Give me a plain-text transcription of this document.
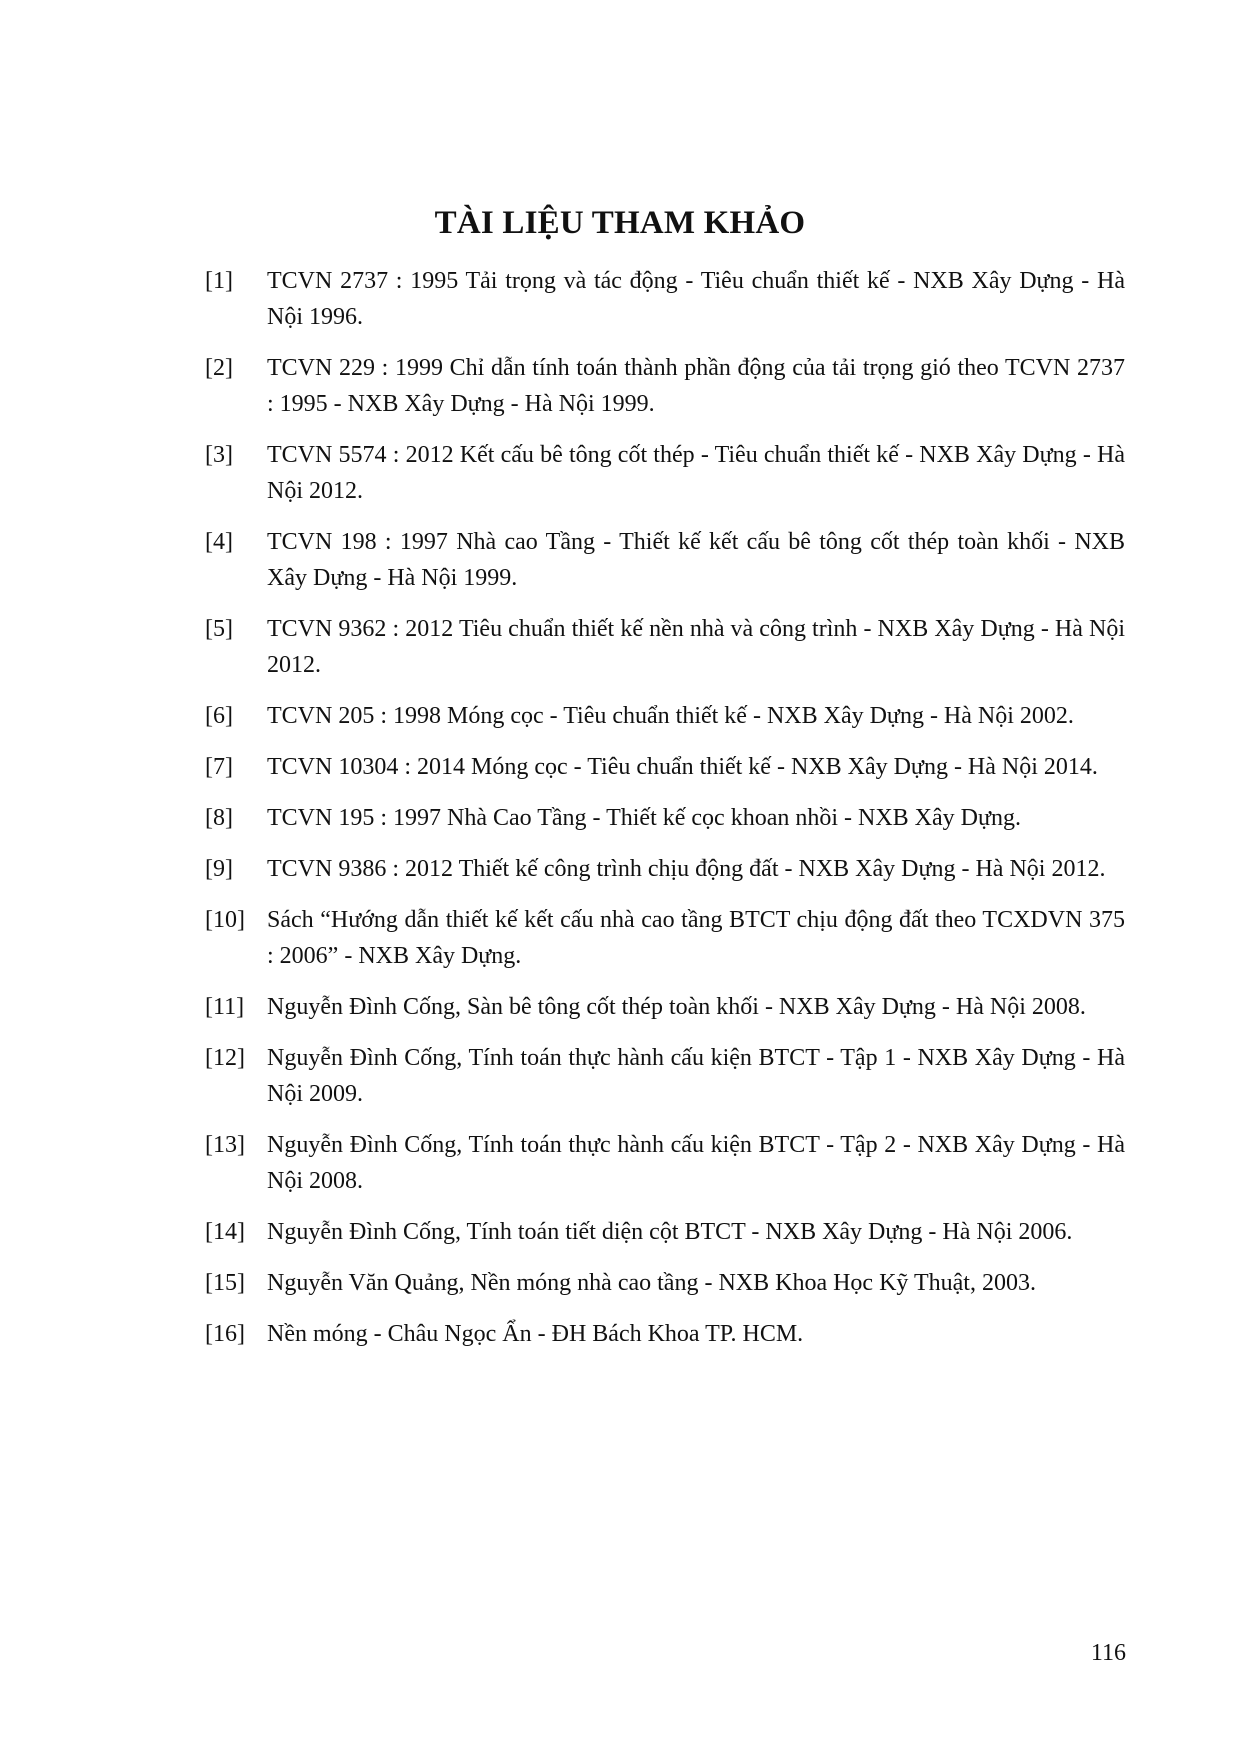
TÀI LIỆU THAM KHẢO
[1]	TCVN 2737 : 1995 Tải trọng và tác động - Tiêu chuẩn thiết kế - NXB Xây Dựng - Hà Nội 1996.
[2]	TCVN 229 : 1999 Chỉ dẫn tính toán thành phần động của tải trọng gió theo TCVN 2737 : 1995 - NXB Xây Dựng - Hà Nội 1999.
[3]	TCVN 5574 : 2012 Kết cấu bê tông cốt thép - Tiêu chuẩn thiết kế - NXB Xây Dựng - Hà Nội 2012.
[4]	TCVN 198 : 1997 Nhà cao Tầng - Thiết kế kết cấu bê tông cốt thép toàn khối - NXB Xây Dựng - Hà Nội 1999.
[5]	TCVN 9362 : 2012 Tiêu chuẩn thiết kế nền nhà và công trình - NXB Xây Dựng - Hà Nội 2012.
[6]	TCVN 205 : 1998 Móng cọc - Tiêu chuẩn thiết kế - NXB Xây Dựng - Hà Nội 2002.
[7]	TCVN 10304 : 2014 Móng cọc - Tiêu chuẩn thiết kế - NXB Xây Dựng - Hà Nội 2014.
[8]	TCVN 195 : 1997 Nhà Cao Tầng - Thiết kế cọc khoan nhồi - NXB Xây Dựng.
[9]	TCVN 9386 : 2012 Thiết kế công trình chịu động đất - NXB Xây Dựng - Hà Nội 2012.
[10] Sách “Hướng dẫn thiết kế kết cấu nhà cao tầng BTCT chịu động đất theo TCXDVN 375 : 2006” - NXB Xây Dựng.
[11] Nguyễn Đình Cống, Sàn bê tông cốt thép toàn khối - NXB Xây Dựng - Hà Nội 2008.
[12] Nguyễn Đình Cống, Tính toán thực hành cấu kiện BTCT - Tập 1 - NXB Xây Dựng - Hà Nội 2009.
[13] Nguyễn Đình Cống, Tính toán thực hành cấu kiện BTCT - Tập 2 - NXB Xây Dựng - Hà Nội 2008.
[14] Nguyễn Đình Cống, Tính toán tiết diện cột BTCT - NXB Xây Dựng - Hà Nội 2006.
[15] Nguyễn Văn Quảng, Nền móng nhà cao tầng - NXB Khoa Học Kỹ Thuật, 2003.
[16] Nền móng - Châu Ngọc Ẩn - ĐH Bách Khoa TP. HCM.
116
